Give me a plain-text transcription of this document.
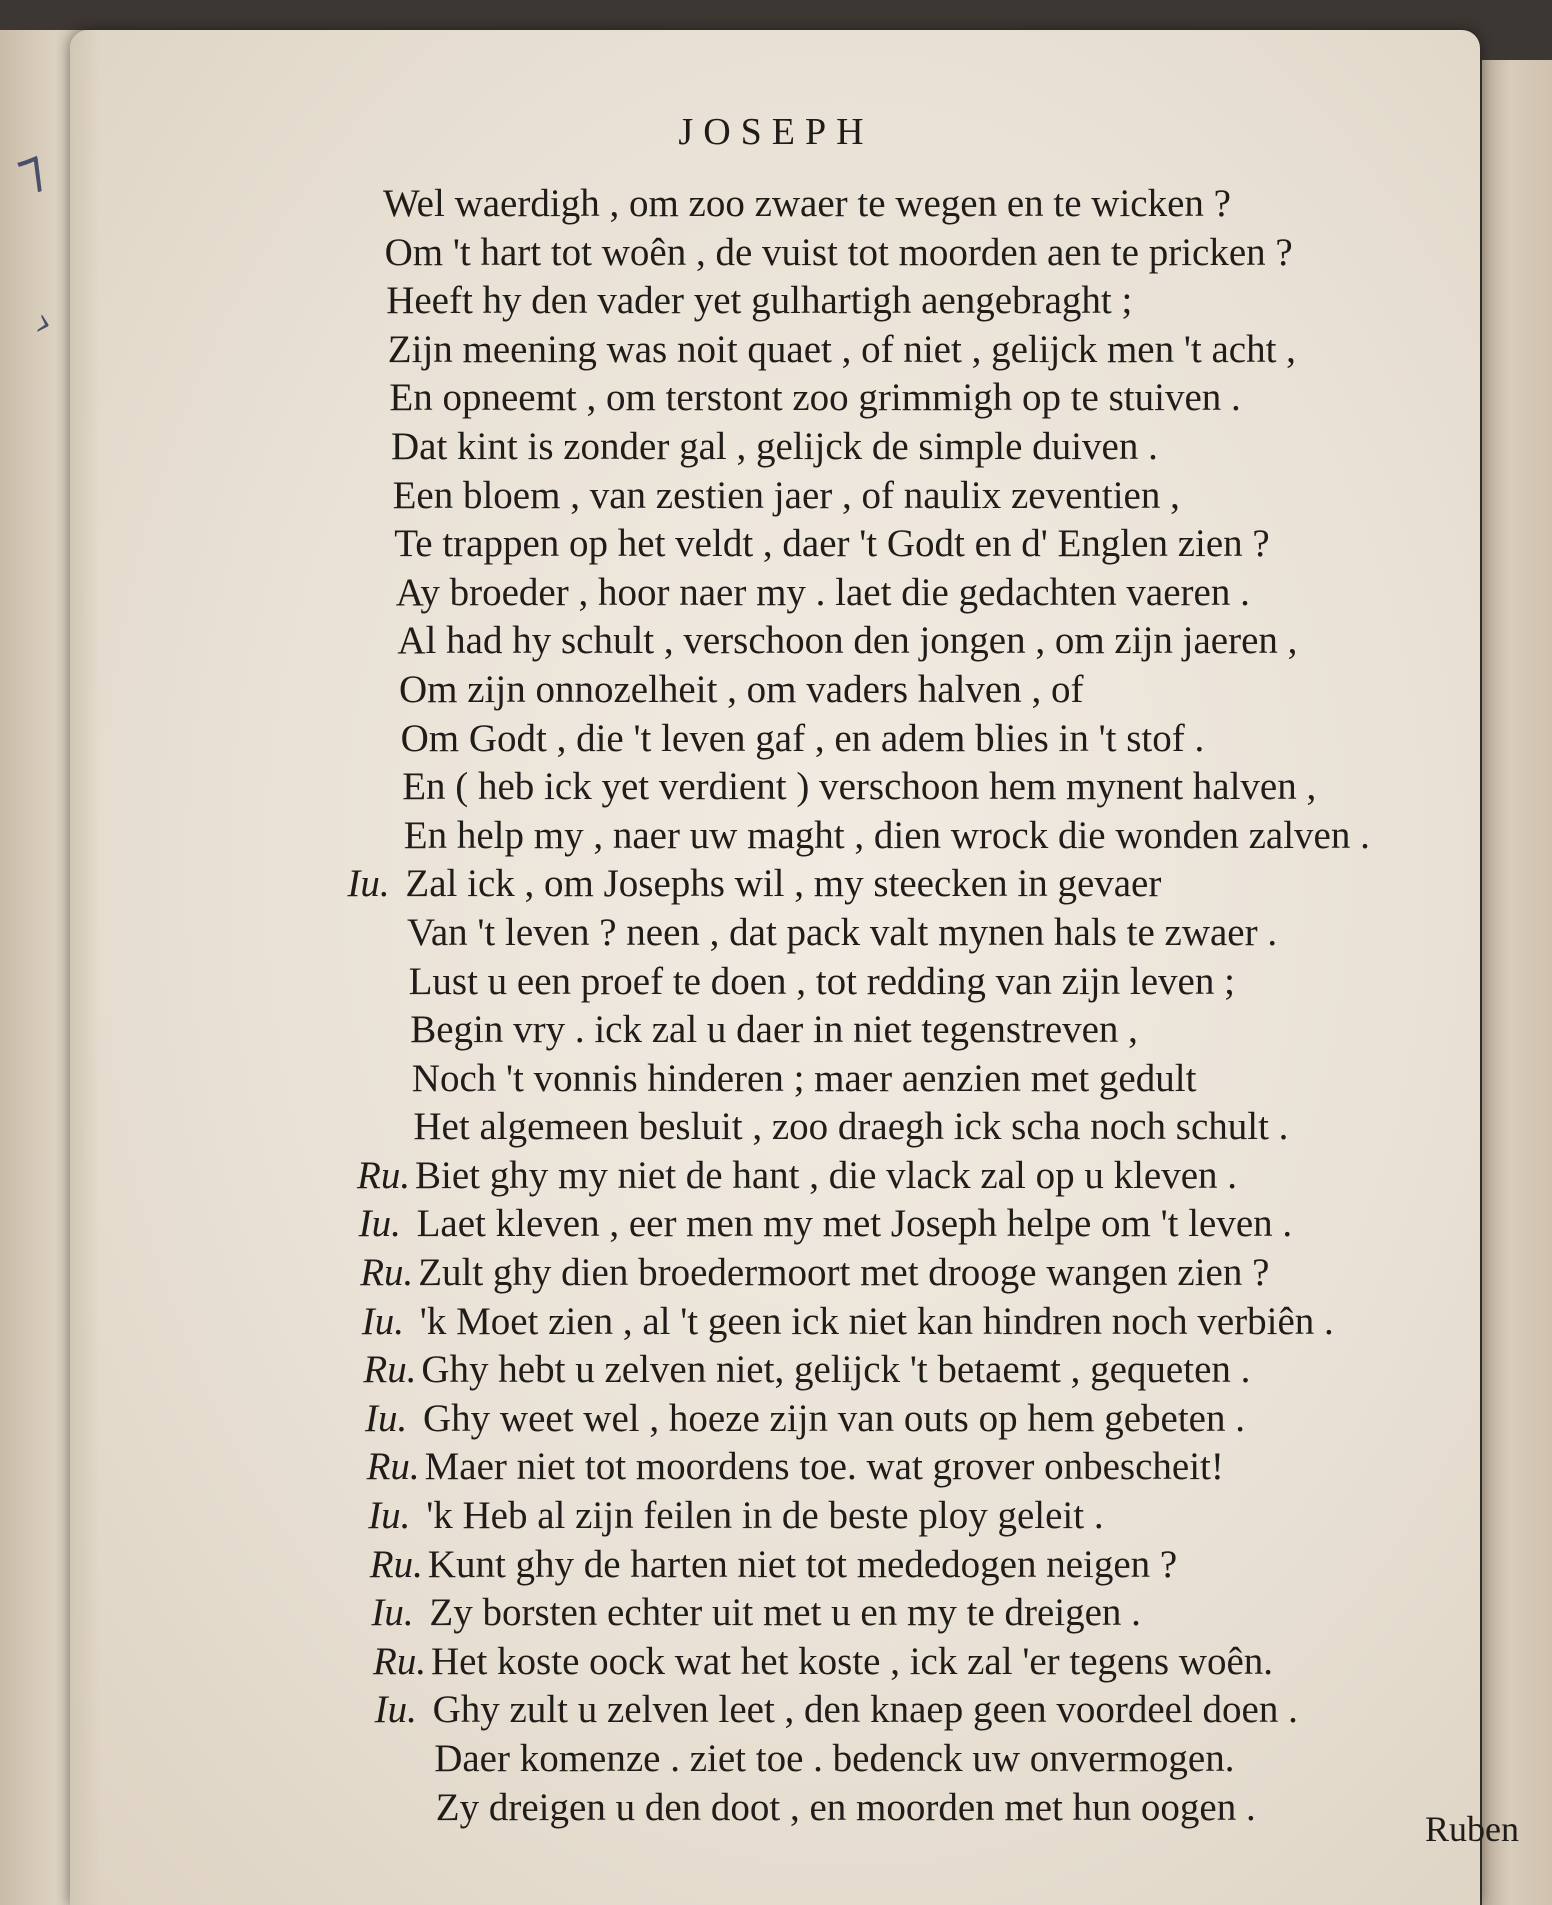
⁊
›
JOSEPH
Wel waerdigh , om zoo zwaer te wegen en te wicken ?
Om 't hart tot woên , de vuist tot moorden aen te pricken ?
Heeft hy den vader yet gulhartigh aengebraght ;
Zijn meening was noit quaet , of niet , gelijck men 't acht ,
En opneemt , om terstont zoo grimmigh op te stuiven .
Dat kint is zonder gal , gelijck de simple duiven .
Een bloem , van zestien jaer , of naulix zeventien ,
Te trappen op het veldt , daer 't Godt en d' Englen zien ?
Ay broeder , hoor naer my . laet die gedachten vaeren .
Al had hy schult , verschoon den jongen , om zijn jaeren ,
Om zijn onnozelheit , om vaders halven , of
Om Godt , die 't leven gaf , en adem blies in 't stof .
En ( heb ick yet verdient ) verschoon hem mynent halven ,
En help my , naer uw maght , dien wrock die wonden zalven .
Iu. Zal ick , om Josephs wil , my steecken in gevaer
Van 't leven ? neen , dat pack valt mynen hals te zwaer .
Lust u een proef te doen , tot redding van zijn leven ;
Begin vry . ick zal u daer in niet tegenstreven ,
Noch 't vonnis hinderen ; maer aenzien met gedult
Het algemeen besluit , zoo draegh ick scha noch schult .
Ru. Biet ghy my niet de hant , die vlack zal op u kleven .
Iu. Laet kleven , eer men my met Joseph helpe om 't leven .
Ru. Zult ghy dien broedermoort met drooge wangen zien ?
Iu. 'k Moet zien , al 't geen ick niet kan hindren noch verbiên .
Ru. Ghy hebt u zelven niet, gelijck 't betaemt , gequeten .
Iu. Ghy weet wel , hoeze zijn van outs op hem gebeten .
Ru. Maer niet tot moordens toe. wat grover onbescheit!
Iu. 'k Heb al zijn feilen in de beste ploy geleit .
Ru. Kunt ghy de harten niet tot mededogen neigen ?
Iu. Zy borsten echter uit met u en my te dreigen .
Ru. Het koste oock wat het koste , ick zal 'er tegens woên.
Iu. Ghy zult u zelven leet , den knaep geen voordeel doen .
Daer komenze . ziet toe . bedenck uw onvermogen.
Zy dreigen u den doot , en moorden met hun oogen .
Ruben
